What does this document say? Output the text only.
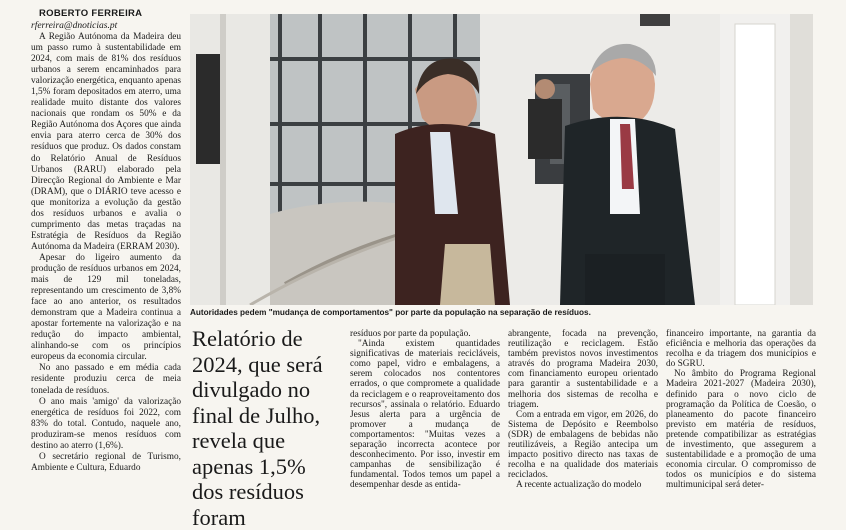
ROBERTO FERREIRA

rferreira@dnoticias.pt

A Região Autónoma da Madeira deu um passo rumo à sustentabilidade em 2024, com mais de 81% dos resíduos urbanos a serem encaminhados para valorização energética, enquanto apenas 1,5% foram depositados em aterro, uma realidade muito distante dos valores nacionais que rondam os 50% e da Região Autónoma dos Açores que ainda envia para aterro cerca de 30% dos resíduos que produz. Os dados constam do Relatório Anual de Resíduos Urbanos (RARU) elaborado pela Direcção Regional do Ambiente e Mar (DRAM), que o DIÁRIO teve acesso e que monitoriza a evolução da gestão dos resíduos urbanos e avalia o cumprimento das metas traçadas na Estratégia de Resíduos da Região Autónoma da Madeira (ERRAM 2030).

Apesar do ligeiro aumento da produção de resíduos urbanos em 2024, mais de 129 mil toneladas, representando um crescimento de 3,8% face ao ano anterior, os resultados demonstram que a Madeira continua a apostar fortemente na valorização e na redução do impacto ambiental, alinhando-se com os princípios europeus da economia circular.

No ano passado e em média cada residente produziu cerca de meia tonelada de resíduos.

O ano mais 'amigo' da valorização energética de resíduos foi 2022, com 83% do total. Contudo, naquele ano, produziram-se menos resíduos com destino ao aterro (1,6%).

O secretário regional de Turismo, Ambiente e Cultura, Eduardo

Autoridades pedem "mudança de comportamentos" por parte da população na separação de resíduos.
Relatório de 2024, que será divulgado no final de Julho, revela que apenas 1,5% dos resíduos foram

resíduos por parte da população.

"Ainda existem quantidades significativas de materiais recicláveis, como papel, vidro e embalagens, a serem colocados nos contentores errados, o que compromete a qualidade da reciclagem e o reaproveitamento dos recursos", assinala o relatório. Eduardo Jesus alerta para a urgência de promover a mudança de comportamentos: "Muitas vezes a separação incorrecta acontece por desconhecimento. Por isso, investir em campanhas de sensibilização é fundamental. Todos temos um papel a desempenhar desde as entida-

abrangente, focada na prevenção, reutilização e reciclagem. Estão também previstos novos investimentos através do programa Madeira 2030, com financiamento europeu orientado para garantir a sustentabilidade e a melhoria dos sistemas de recolha e triagem.

Com a entrada em vigor, em 2026, do Sistema de Depósito e Reembolso (SDR) de embalagens de bebidas não reutilizáveis, a Região antecipa um impacto positivo directo nas taxas de recolha e na qualidade dos materiais reciclados.

A recente actualização do modelo

financeiro importante, na garantia da eficiência e melhoria das operações da recolha e da triagem dos municípios e do SGRU.

No âmbito do Programa Regional Madeira 2021-2027 (Madeira 2030), definido para o novo ciclo de programação da Política de Coesão, o planeamento do pacote financeiro previsto em matéria de resíduos, pretende compatibilizar as estratégias de investimento, que assegurem a sustentabilidade e a promoção de uma economia circular. O compromisso de todos os municípios e do sistema multimunicipal será deter-
